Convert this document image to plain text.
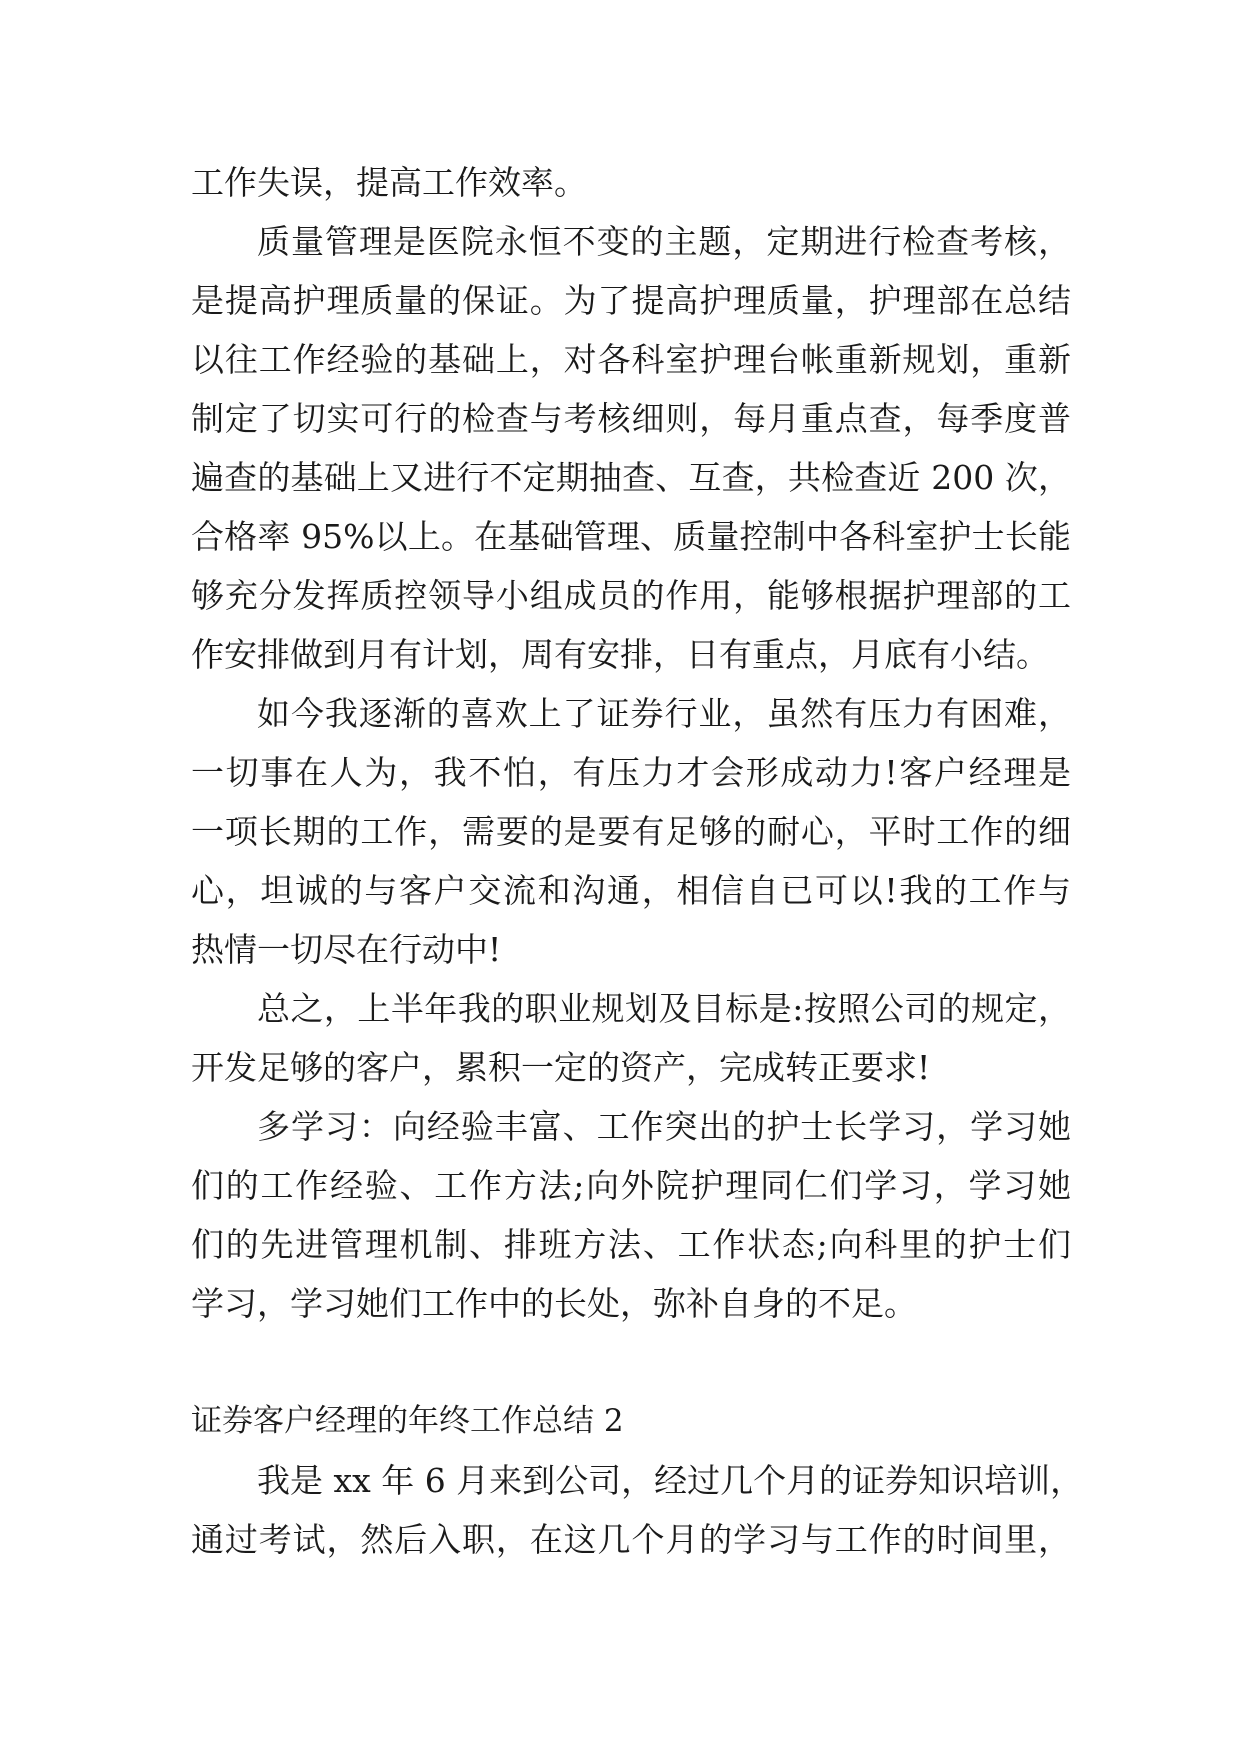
工作失误，提高工作效率。
质量管理是医院永恒不变的主题，定期进行检查考核，
是提高护理质量的保证。为了提高护理质量，护理部在总结
以往工作经验的基础上，对各科室护理台帐重新规划，重新
制定了切实可行的检查与考核细则，每月重点查，每季度普
遍查的基础上又进行不定期抽查、互查，共检查近 200 次，
合格率 95%以上。在基础管理、质量控制中各科室护士长能
够充分发挥质控领导小组成员的作用，能够根据护理部的工
作安排做到月有计划，周有安排，日有重点，月底有小结。
如今我逐渐的喜欢上了证券行业，虽然有压力有困难，
一切事在人为，我不怕，有压力才会形成动力!客户经理是
一项长期的工作，需要的是要有足够的耐心，平时工作的细
心，坦诚的与客户交流和沟通，相信自已可以!我的工作与
热情一切尽在行动中!
总之，上半年我的职业规划及目标是:按照公司的规定，
开发足够的客户，累积一定的资产，完成转正要求!
多学习：向经验丰富、工作突出的护士长学习，学习她
们的工作经验、工作方法;向外院护理同仁们学习，学习她
们的先进管理机制、排班方法、工作状态;向科里的护士们
学习，学习她们工作中的长处，弥补自身的不足。
证券客户经理的年终工作总结 2
我是 xx 年 6 月来到公司，经过几个月的证券知识培训，
通过考试，然后入职，在这几个月的学习与工作的时间里，
